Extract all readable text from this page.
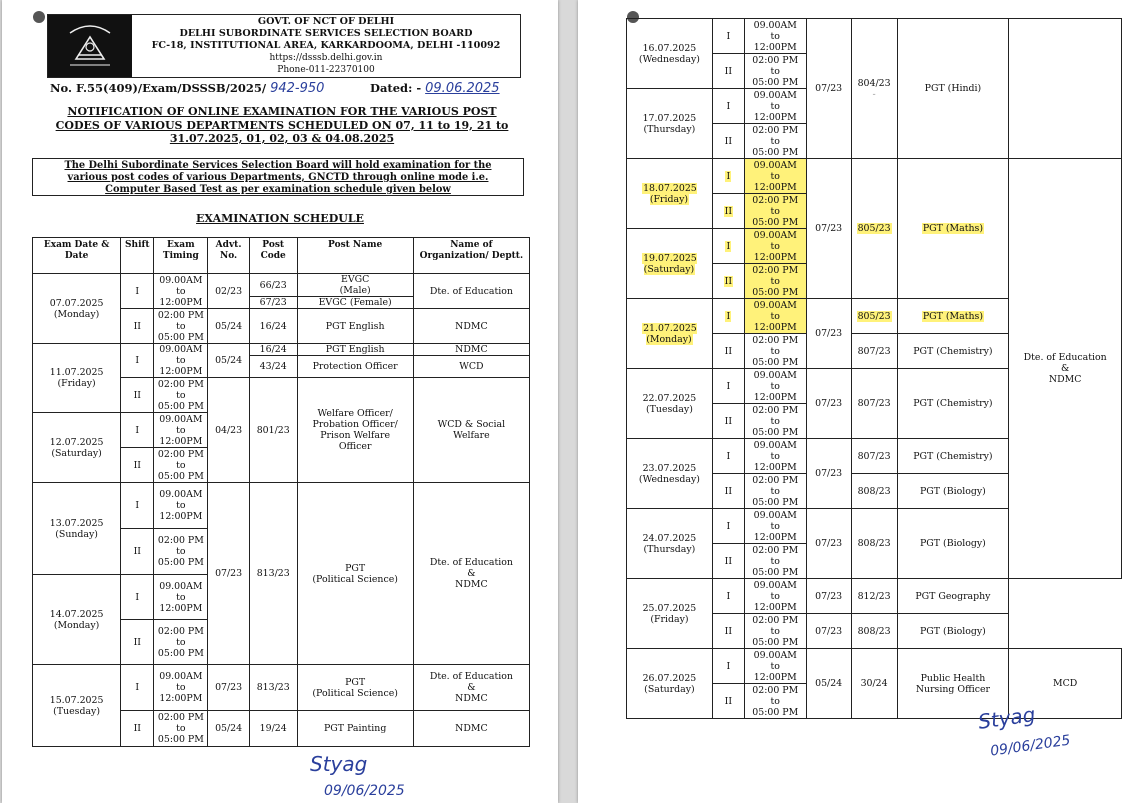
GOVT. OF NCT OF DELHI
DELHI SUBORDINATE SERVICES SELECTION BOARD
FC-18, INSTITUTIONAL AREA, KARKARDOOMA, DELHI -110092
https://dsssb.delhi.gov.in
Phone-011-22370100
No. F.55(409)/Exam/DSSSB/2025/ 942-950	Dated: - 09.06.2025
NOTIFICATION OF ONLINE EXAMINATION FOR THE VARIOUS POST
CODES OF VARIOUS DEPARTMENTS SCHEDULED ON 07, 11 to 19, 21 to
31.07.2025, 01, 02, 03 & 04.08.2025
The Delhi Subordinate Services Selection Board will hold examination for the
various post codes of various Departments, GNCTD through online mode i.e.
Computer Based Test as per examination schedule given below
EXAMINATION SCHEDULE
Exam Date & Date	Shift	Exam Timing	Advt. No.	Post Code	Post Name	Name of Organization/ Deptt.
07.07.2025
(Monday)	I	09.00AM
to
12:00PM	02/23	66/23	EVGC
(Male)	Dte. of Education
				67/23	EVGC (Female)	
	II	02:00 PM
to
05:00 PM	05/24	16/24	PGT English	NDMC
11.07.2025
(Friday)	I	09.00AM
to
12:00PM	05/24	16/24	PGT English	NDMC
				43/24	Protection Officer	WCD
	II	02:00 PM
to
05:00 PM	04/23	801/23	Welfare Officer/
Probation Officer/
Prison Welfare
Officer	WCD & Social
Welfare
12.07.2025
(Saturday)	I	09.00AM
to
12:00PM				
	II	02:00 PM
to
05:00 PM				
13.07.2025
(Sunday)	I	09.00AM
to
12:00PM	07/23	813/23	PGT
(Political Science)	Dte. of Education
&
NDMC
	II	02:00 PM
to
05:00 PM				
14.07.2025
(Monday)	I	09.00AM
to
12:00PM				
	II	02:00 PM
to
05:00 PM				
15.07.2025
(Tuesday)	I	09.00AM
to
12:00PM	07/23	813/23	PGT
(Political Science)	Dte. of Education
&
NDMC
	II	02:00 PM
to
05:00 PM	05/24	19/24	PGT Painting	NDMC
Styag
09/06/2025
16.07.2025
(Wednesday)	I	09.00AM
to
12:00PM	07/23	804/23
-	PGT (Hindi)	
	II	02:00 PM
to
05:00 PM				
17.07.2025
(Thursday)	I	09.00AM
to
12:00PM				
	II	02:00 PM
to
05:00 PM				
18.07.2025
(Friday)	I	09.00AM
to
12:00PM	07/23	805/23	PGT (Maths)	Dte. of Education
&
NDMC
	II	02:00 PM
to
05:00 PM				
19.07.2025
(Saturday)	I	09.00AM
to
12:00PM				
	II	02:00 PM
to
05:00 PM				
21.07.2025
(Monday)	I	09.00AM
to
12:00PM	07/23	805/23	PGT (Maths)	
	II	02:00 PM
to
05:00 PM		807/23	PGT (Chemistry)	
22.07.2025
(Tuesday)	I	09.00AM
to
12:00PM	07/23	807/23	PGT (Chemistry)	
	II	02:00 PM
to
05:00 PM				
23.07.2025
(Wednesday)	I	09.00AM
to
12:00PM	07/23	807/23	PGT (Chemistry)	
	II	02:00 PM
to
05:00 PM		808/23	PGT (Biology)	
24.07.2025
(Thursday)	I	09.00AM
to
12:00PM	07/23	808/23	PGT (Biology)	
	II	02:00 PM
to
05:00 PM				
25.07.2025
(Friday)	I	09.00AM
to
12:00PM	07/23	812/23	PGT Geography	
	II	02:00 PM
to
05:00 PM	07/23	808/23	PGT (Biology)	
26.07.2025
(Saturday)	I	09.00AM
to
12:00PM	05/24	30/24	Public Health
Nursing Officer	MCD
	II	02:00 PM
to
05:00 PM					Styag
09/06/2025
